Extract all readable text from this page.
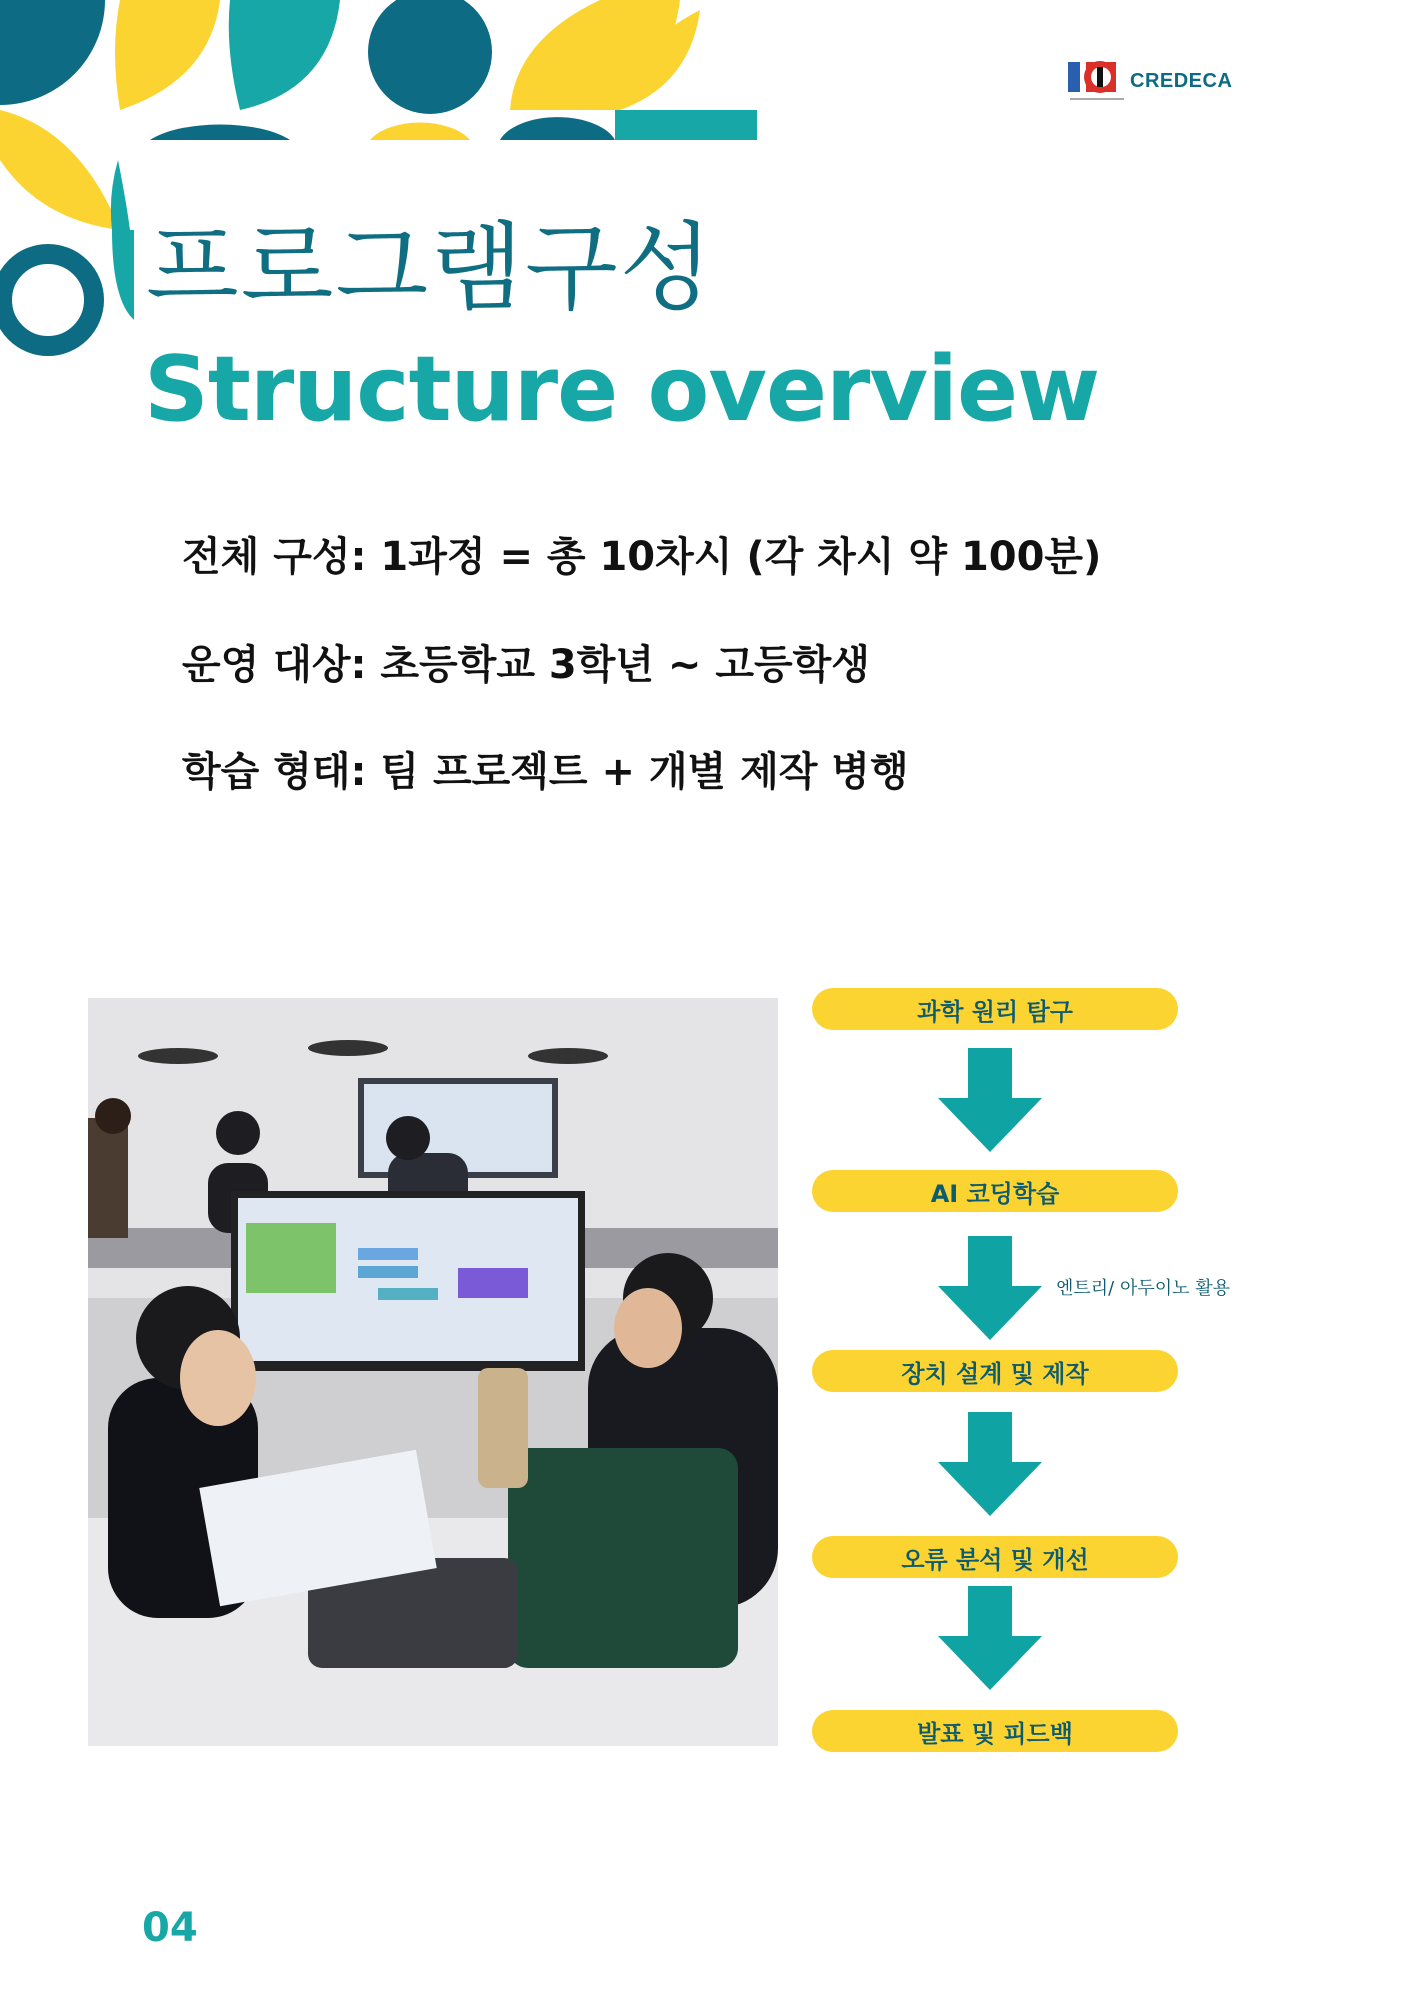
CREDECA
프로그램구성
Structure overview
전체 구성: 1과정 = 총 10차시 (각 차시 약 100분)
운영 대상: 초등학교 3학년 ~ 고등학생
학습 형태: 팀 프로젝트 + 개별 제작 병행
과학 원리 탐구
AI 코딩학습
엔트리/ 아두이노 활용
장치 설계 및 제작
오류 분석 및 개선
발표 및 피드백
04
